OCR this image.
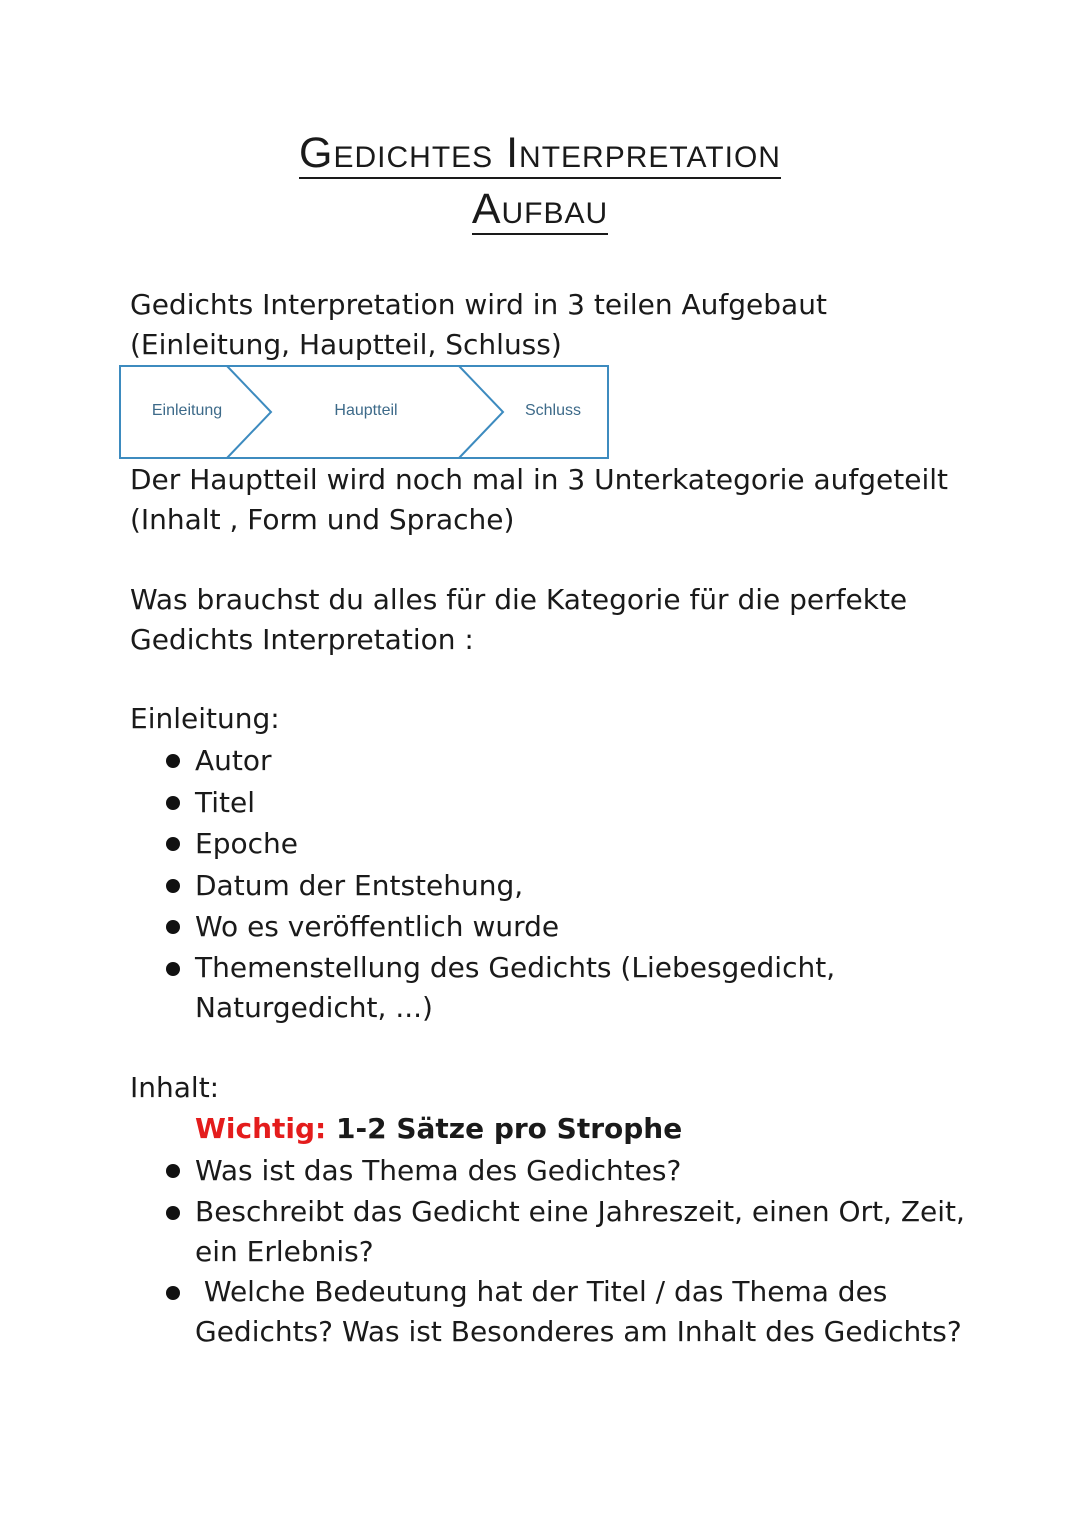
Gedichtes Interpretation
Aufbau
Gedichts Interpretation wird in 3 teilen Aufgebaut
(Einleitung, Hauptteil, Schluss)
Einleitung	Hauptteil	Schluss
Der Hauptteil wird noch mal in 3 Unterkategorie aufgeteilt
(Inhalt , Form und Sprache)
Was brauchst du alles für die Kategorie für die perfekte
Gedichts Interpretation :
Einleitung:
Autor
Titel
Epoche
Datum der Entstehung,
Wo es veröffentlich wurde
Themenstellung des Gedichts (Liebesgedicht,
Naturgedicht, ...)
Inhalt:
Wichtig: 1-2 Sätze pro Strophe
Was ist das Thema des Gedichtes?
Beschreibt das Gedicht eine Jahreszeit, einen Ort, Zeit,
ein Erlebnis?
Welche Bedeutung hat der Titel / das Thema des
Gedichts? Was ist Besonderes am Inhalt des Gedichts?
